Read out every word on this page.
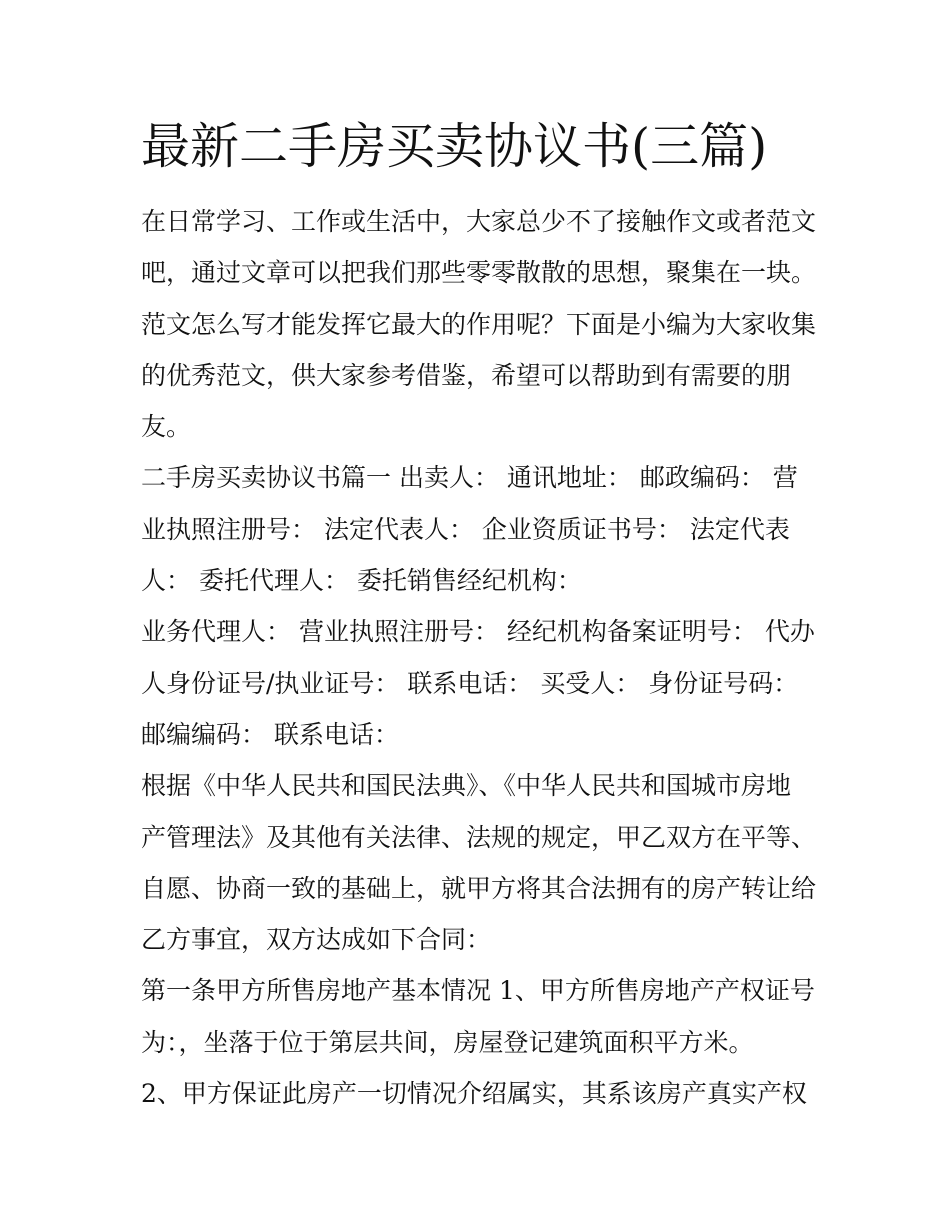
最新二手房买卖协议书(三篇)
在日常学习、工作或生活中，大家总少不了接触作文或者范文
吧，通过文章可以把我们那些零零散散的思想，聚集在一块。
范文怎么写才能发挥它最大的作用呢？下面是小编为大家收集
的优秀范文，供大家参考借鉴，希望可以帮助到有需要的朋
友。
二手房买卖协议书篇一 出卖人： 通讯地址： 邮政编码： 营
业执照注册号： 法定代表人： 企业资质证书号： 法定代表
人： 委托代理人： 委托销售经纪机构：
业务代理人： 营业执照注册号： 经纪机构备案证明号： 代办
人身份证号/执业证号： 联系电话： 买受人： 身份证号码：
邮编编码： 联系电话：
根据《中华人民共和国民法典》、《中华人民共和国城市房地
产管理法》及其他有关法律、法规的规定，甲乙双方在平等、
自愿、协商一致的基础上，就甲方将其合法拥有的房产转让给
乙方事宜，双方达成如下合同：
第一条甲方所售房地产基本情况 1、甲方所售房地产产权证号
为：，坐落于位于第层共间，房屋登记建筑面积平方米。
2、甲方保证此房产一切情况介绍属实，其系该房产真实产权
